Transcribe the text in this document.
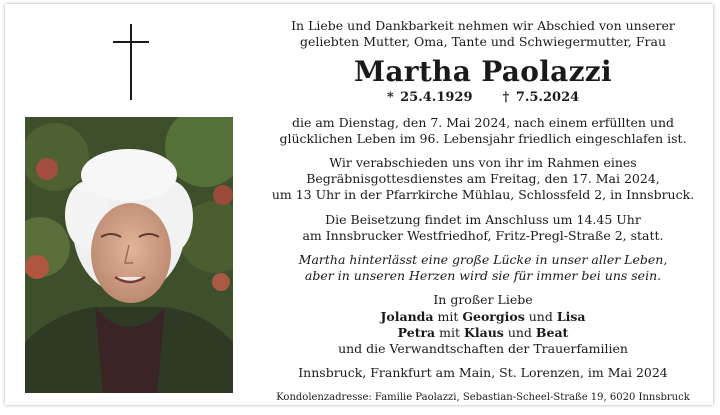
In Liebe und Dankbarkeit nehmen wir Abschied von unserer

geliebten Mutter, Oma, Tante und Schwiegermutter, Frau

Martha Paolazzi

* 25.4.1929 † 7.5.2024

die am Dienstag, den 7. Mai 2024, nach einem erfüllten und

glücklichen Leben im 96. Lebensjahr friedlich eingeschlafen ist.

Wir verabschieden uns von ihr im Rahmen eines

Begräbnisgottesdienstes am Freitag, den 17. Mai 2024,

um 13 Uhr in der Pfarrkirche Mühlau, Schlossfeld 2, in Innsbruck.

Die Beisetzung findet im Anschluss um 14.45 Uhr

am Innsbrucker Westfriedhof, Fritz-Pregl-Straße 2, statt.

Martha hinterlässt eine große Lücke in unser aller Leben,

aber in unseren Herzen wird sie für immer bei uns sein.

In großer Liebe

Jolanda mit Georgios und Lisa

Petra mit Klaus und Beat

und die Verwandtschaften der Trauerfamilien

Innsbruck, Frankfurt am Main, St. Lorenzen, im Mai 2024

Kondolenzadresse: Familie Paolazzi, Sebastian-Scheel-Straße 19, 6020 Innsbruck
